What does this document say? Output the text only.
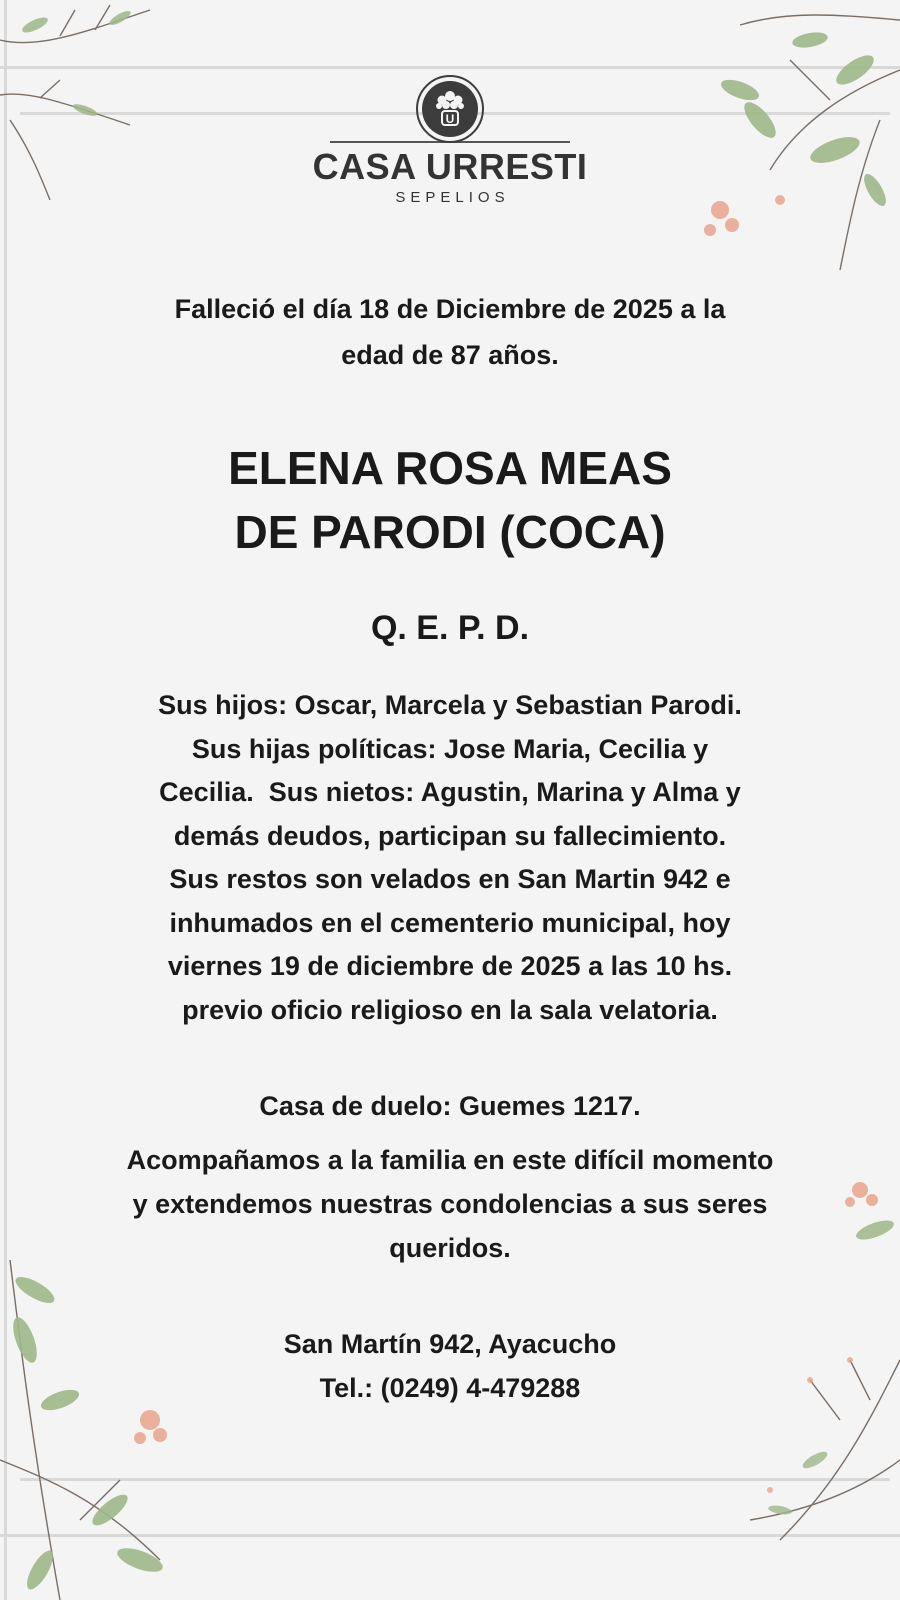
U
CASA URRESTI
SEPELIOS
Falleció el día 18 de Diciembre de 2025 a la
edad de 87 años.
ELENA ROSA MEAS
DE PARODI (COCA)
Q. E. P. D.
Sus hijos: Oscar, Marcela y Sebastian Parodi.
Sus hijas políticas: Jose Maria, Cecilia y
Cecilia.  Sus nietos: Agustin, Marina y Alma y
demás deudos, participan su fallecimiento.
Sus restos son velados en San Martin 942 e
inhumados en el cementerio municipal, hoy
viernes 19 de diciembre de 2025 a las 10 hs.
previo oficio religioso en la sala velatoria.
Casa de duelo: Guemes 1217.
Acompañamos a la familia en este difícil momento
y extendemos nuestras condolencias a sus seres
queridos.
San Martín 942, Ayacucho
Tel.: (0249) 4-479288
